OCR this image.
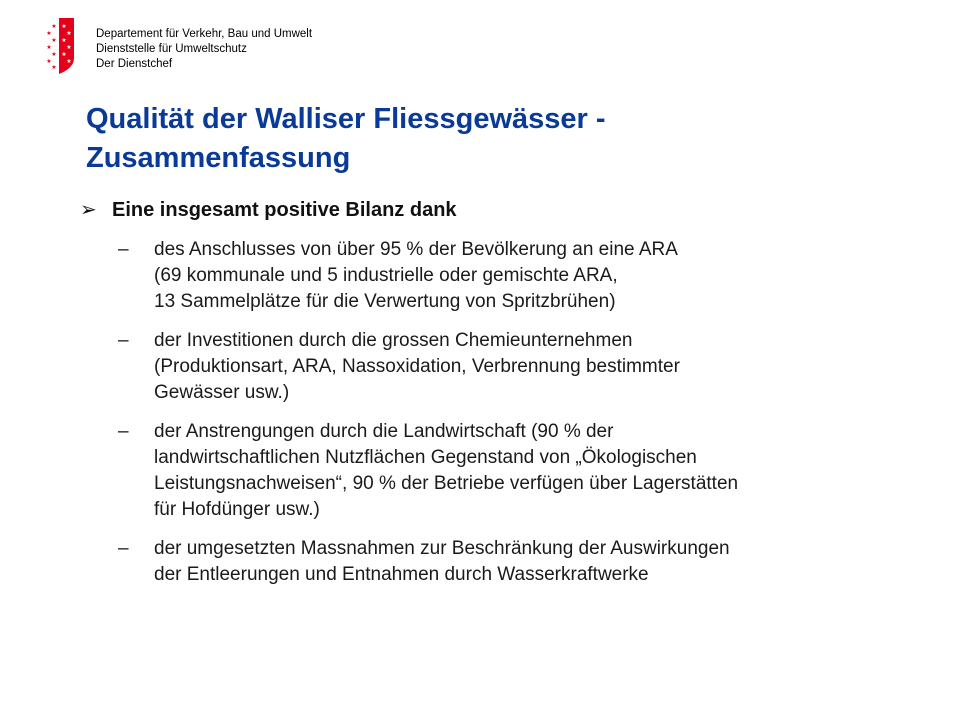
★
★
★
★
★
★
★
★
★
★
★
★
★
Departement für Verkehr, Bau und Umwelt
Dienststelle für Umweltschutz
Der Dienstchef
Qualität der Walliser Fliessgewässer -
Zusammenfassung
➢ Eine insgesamt positive Bilanz dank
–	des Anschlusses von über 95 % der Bevölkerung an eine ARA
(69 kommunale und 5 industrielle oder gemischte ARA,
13 Sammelplätze für die Verwertung von Spritzbrühen)
–	der Investitionen durch die grossen Chemieunternehmen
(Produktionsart, ARA, Nassoxidation, Verbrennung bestimmter
Gewässer usw.)
–	der Anstrengungen durch die Landwirtschaft (90 % der
landwirtschaftlichen Nutzflächen Gegenstand von „Ökologischen
Leistungsnachweisen“, 90 % der Betriebe verfügen über Lagerstätten
für Hofdünger usw.)
–	der umgesetzten Massnahmen zur Beschränkung der Auswirkungen
der Entleerungen und Entnahmen durch Wasserkraftwerke
